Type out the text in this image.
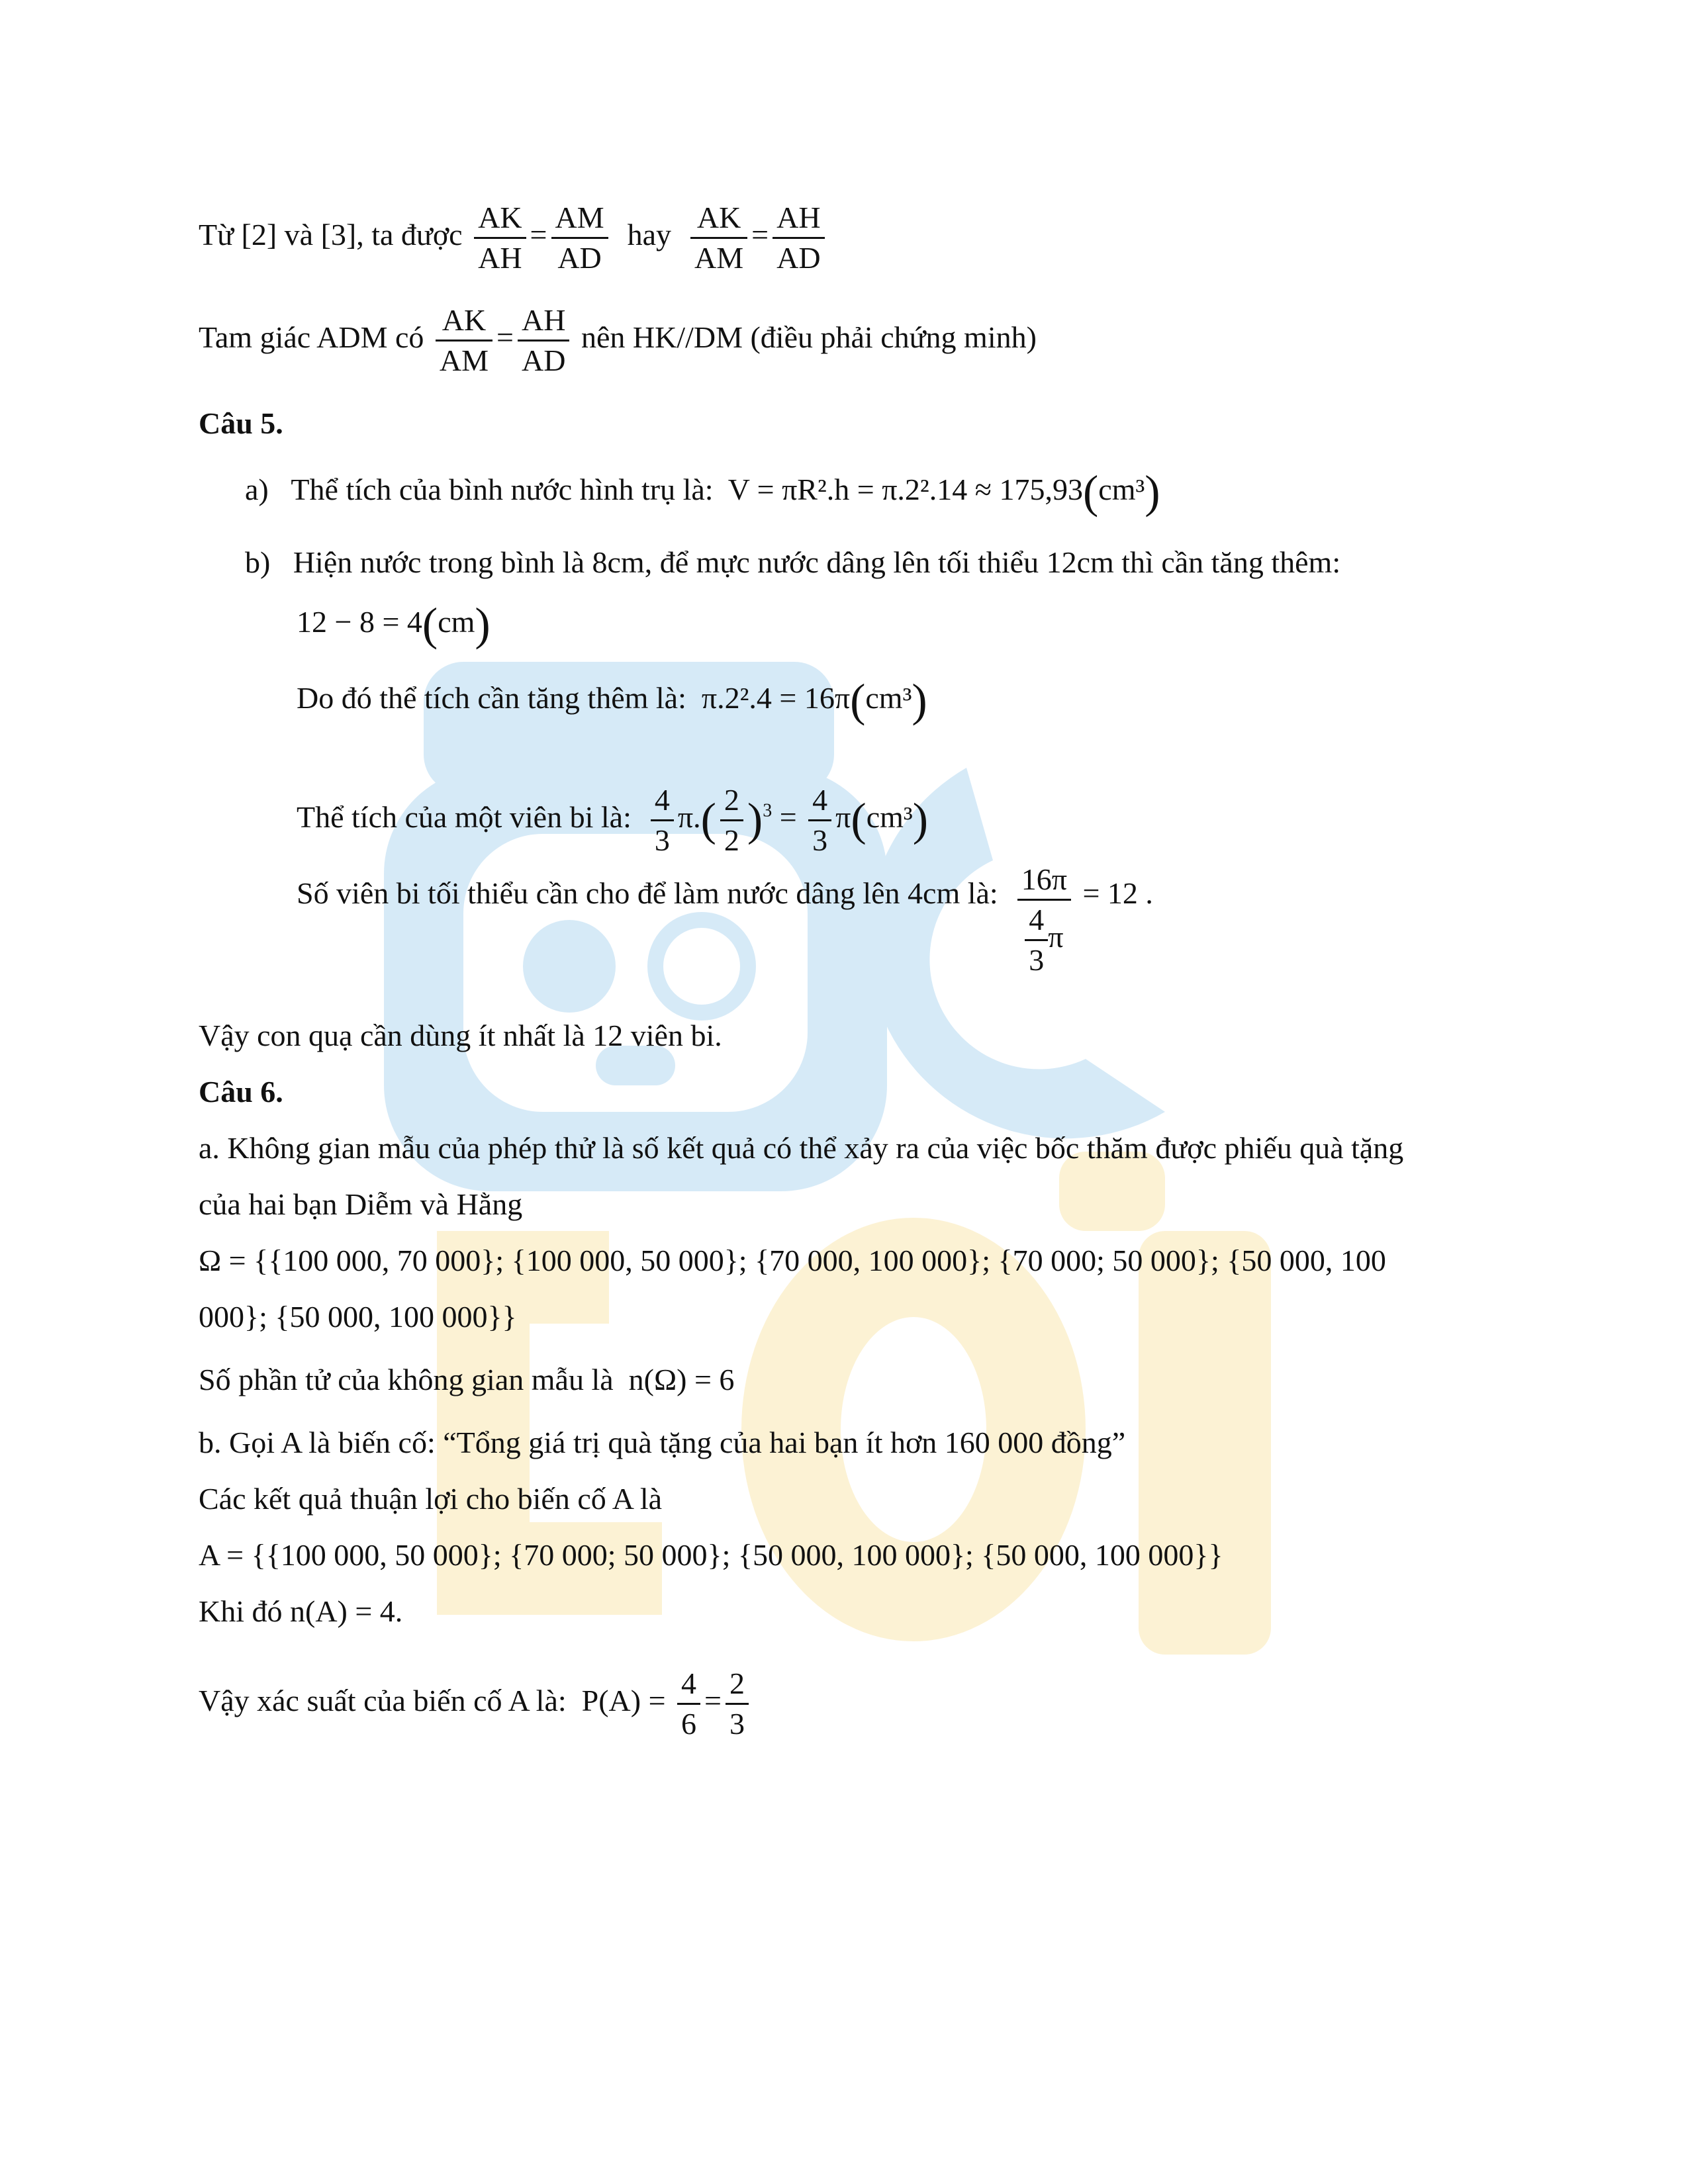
Từ [2] và [3], ta được $\frac{AK}{AH} = \frac{AM}{AD}$ hay $\frac{AK}{AM} = \frac{AH}{AD}$
Tam giác ADM có $\frac{AK}{AM} = \frac{AH}{AD}$ nên HK//DM (điều phải chứng minh)
Câu 5.
a) Thể tích của bình nước hình trụ là: V = πR².h = π.2².14 ≈ 175,93(cm³)
b) Hiện nước trong bình là 8cm, để mực nước dâng lên tối thiểu 12cm thì cần tăng thêm:
12 − 8 = 4(cm)
Do đó thể tích cần tăng thêm là: π.2².4 = 16π(cm³)
Thể tích của một viên bi là: $\frac{4}{3} \pi.( \frac{2}{2} )^3 = \frac{4}{3} \pi(cm^3)$
Số viên bi tối thiểu cần cho để làm nước dâng lên 4cm là: $\frac{16\pi}{\frac{4}{3} \pi} = 12$ .
Vậy con quạ cần dùng ít nhất là 12 viên bi.
Câu 6.
a. Không gian mẫu của phép thử là số kết quả có thể xảy ra của việc bốc thăm được phiếu quà tặng
của hai bạn Diễm và Hằng
Ω = {{100 000, 70 000}; {100 000, 50 000}; {70 000, 100 000}; {70 000; 50 000}; {50 000, 100
000}; {50 000, 100 000}}
Số phần tử của không gian mẫu là n(Ω) = 6
b. Gọi A là biến cố: “Tổng giá trị quà tặng của hai bạn ít hơn 160 000 đồng”
Các kết quả thuận lợi cho biến cố A là
A = {{100 000, 50 000}; {70 000; 50 000}; {50 000, 100 000}; {50 000, 100 000}}
Khi đó n(A) = 4.
Vậy xác suất của biến cố A là: $P(A) = \frac{4}{6} = \frac{2}{3}$
